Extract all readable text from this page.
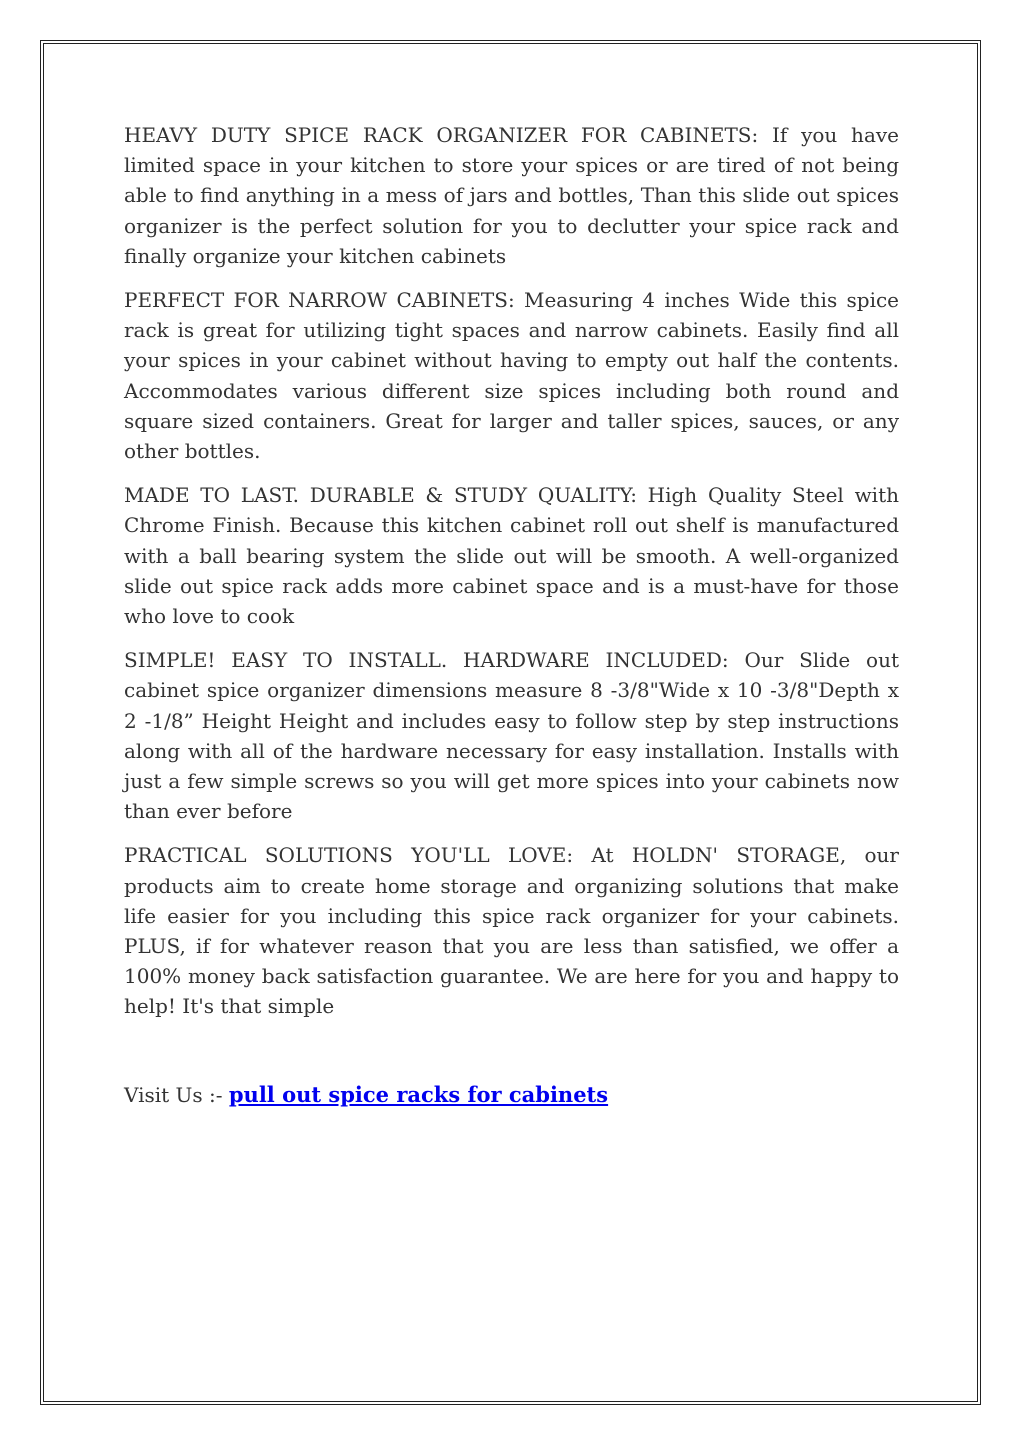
HEAVY DUTY SPICE RACK ORGANIZER FOR CABINETS: If you have limited space in your kitchen to store your spices or are tired of not being able to find anything in a mess of jars and bottles, Than this slide out spices organizer is the perfect solution for you to declutter your spice rack and finally organize your kitchen cabinets

PERFECT FOR NARROW CABINETS: Measuring 4 inches Wide this spice rack is great for utilizing tight spaces and narrow cabinets. Easily find all your spices in your cabinet without having to empty out half the contents. Accommodates various different size spices including both round and square sized containers. Great for larger and taller spices, sauces, or any other bottles.

MADE TO LAST. DURABLE & STUDY QUALITY: High Quality Steel with Chrome Finish. Because this kitchen cabinet roll out shelf is manufactured with a ball bearing system the slide out will be smooth. A well-organized slide out spice rack adds more cabinet space and is a must-have for those who love to cook

SIMPLE! EASY TO INSTALL. HARDWARE INCLUDED: Our Slide out cabinet spice organizer dimensions measure 8 -3/8"Wide x 10 -3/8"Depth x 2 -1/8” Height Height and includes easy to follow step by step instructions along with all of the hardware necessary for easy installation. Installs with just a few simple screws so you will get more spices into your cabinets now than ever before

PRACTICAL SOLUTIONS YOU'LL LOVE: At HOLDN' STORAGE, our products aim to create home storage and organizing solutions that make life easier for you including this spice rack organizer for your cabinets. PLUS, if for whatever reason that you are less than satisfied, we offer a 100% money back satisfaction guarantee. We are here for you and happy to help! It's that simple

Visit Us :- pull out spice racks for cabinets
